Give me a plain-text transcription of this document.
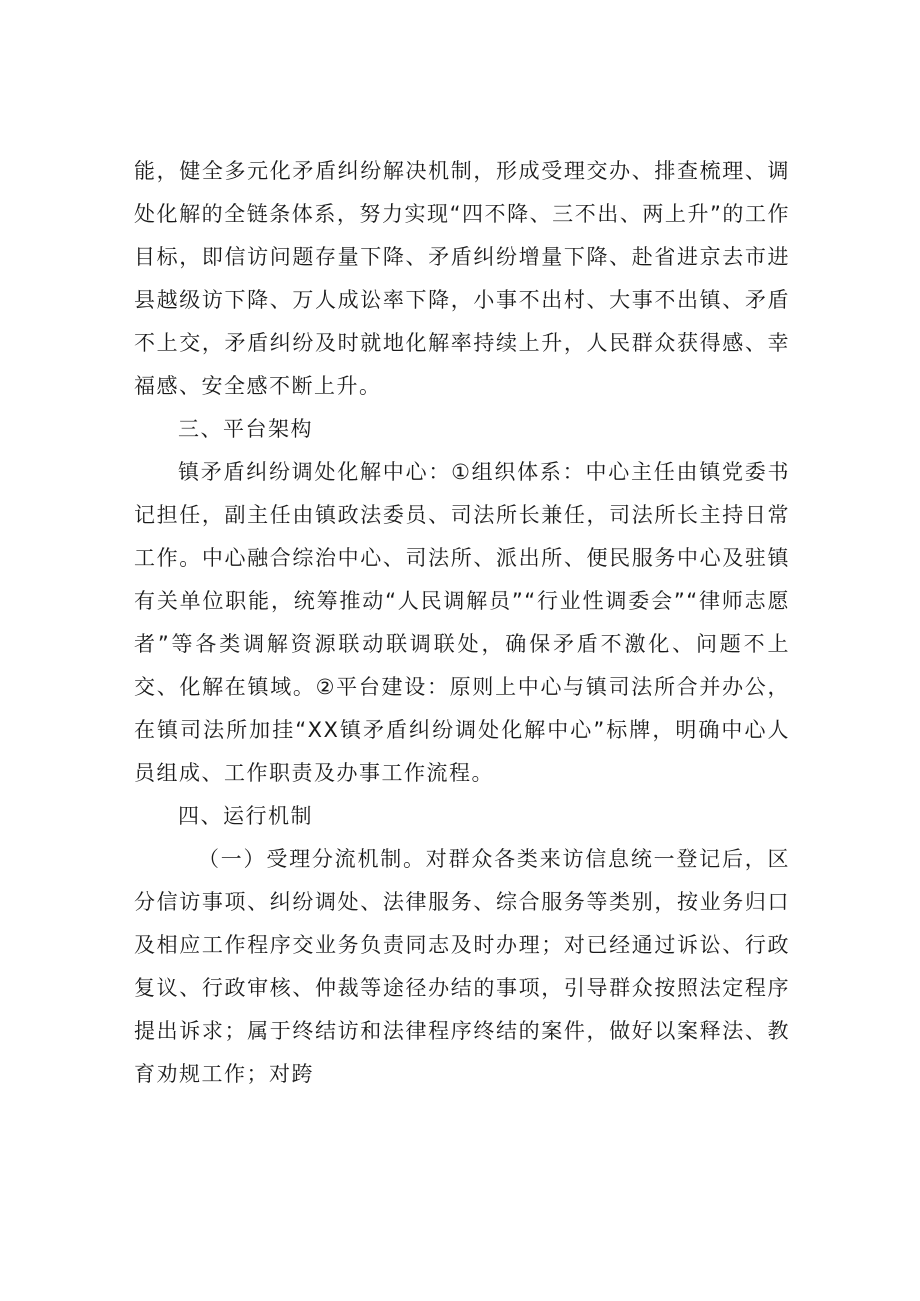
能，健全多元化矛盾纠纷解决机制，形成受理交办、排查梳理、调处化解的全链条体系，努力实现“四不降、三不出、两上升”的工作目标，即信访问题存量下降、矛盾纠纷增量下降、赴省进京去市进县越级访下降、万人成讼率下降，小事不出村、大事不出镇、矛盾不上交，矛盾纠纷及时就地化解率持续上升，人民群众获得感、幸福感、安全感不断上升。

三、平台架构

镇矛盾纠纷调处化解中心：①组织体系：中心主任由镇党委书记担任，副主任由镇政法委员、司法所长兼任，司法所长主持日常工作。中心融合综治中心、司法所、派出所、便民服务中心及驻镇有关单位职能，统筹推动“人民调解员”“行业性调委会”“律师志愿者”等各类调解资源联动联调联处，确保矛盾不激化、问题不上交、化解在镇域。②平台建设：原则上中心与镇司法所合并办公，在镇司法所加挂“XX镇矛盾纠纷调处化解中心”标牌，明确中心人员组成、工作职责及办事工作流程。

四、运行机制

（一）受理分流机制。对群众各类来访信息统一登记后，区分信访事项、纠纷调处、法律服务、综合服务等类别，按业务归口及相应工作程序交业务负责同志及时办理；对已经通过诉讼、行政复议、行政审核、仲裁等途径办结的事项，引导群众按照法定程序提出诉求；属于终结访和法律程序终结的案件，做好以案释法、教育劝规工作；对跨
